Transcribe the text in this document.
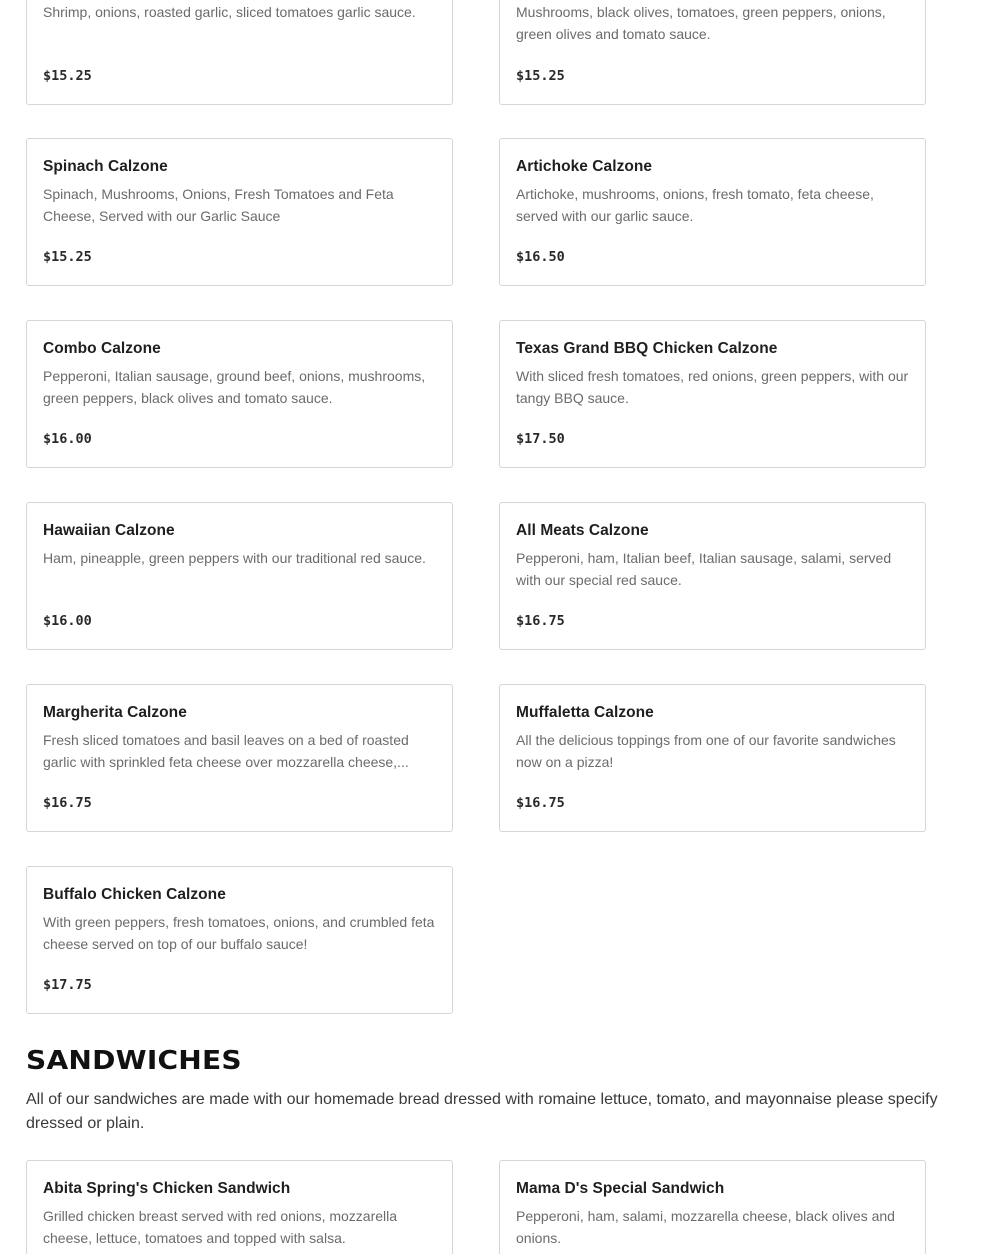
Shrimp, onions, roasted garlic, sliced tomatoes garlic sauce.
$15.25
Mushrooms, black olives, tomatoes, green peppers, onions, green olives and tomato sauce.
$15.25
Spinach Calzone
Spinach, Mushrooms, Onions, Fresh Tomatoes and Feta Cheese, Served with our Garlic Sauce
$15.25
Artichoke Calzone
Artichoke, mushrooms, onions, fresh tomato, feta cheese, served with our garlic sauce.
$16.50
Combo Calzone
Pepperoni, Italian sausage, ground beef, onions, mushrooms, green peppers, black olives and tomato sauce.
$16.00
Texas Grand BBQ Chicken Calzone
With sliced fresh tomatoes, red onions, green peppers, with our tangy BBQ sauce.
$17.50
Hawaiian Calzone
Ham, pineapple, green peppers with our traditional red sauce.
$16.00
All Meats Calzone
Pepperoni, ham, Italian beef, Italian sausage, salami, served with our special red sauce.
$16.75
Margherita Calzone
Fresh sliced tomatoes and basil leaves on a bed of roasted garlic with sprinkled feta cheese over mozzarella cheese,...
$16.75
Muffaletta Calzone
All the delicious toppings from one of our favorite sandwiches now on a pizza!
$16.75
Buffalo Chicken Calzone
With green peppers, fresh tomatoes, onions, and crumbled feta cheese served on top of our buffalo sauce!
$17.75
SANDWICHES

All of our sandwiches are made with our homemade bread dressed with romaine lettuce, tomato, and mayonnaise please specify dressed or plain.

Abita Spring's Chicken Sandwich
Grilled chicken breast served with red onions, mozzarella cheese, lettuce, tomatoes and topped with salsa.
Mama D's Special Sandwich
Pepperoni, ham, salami, mozzarella cheese, black olives and onions.
